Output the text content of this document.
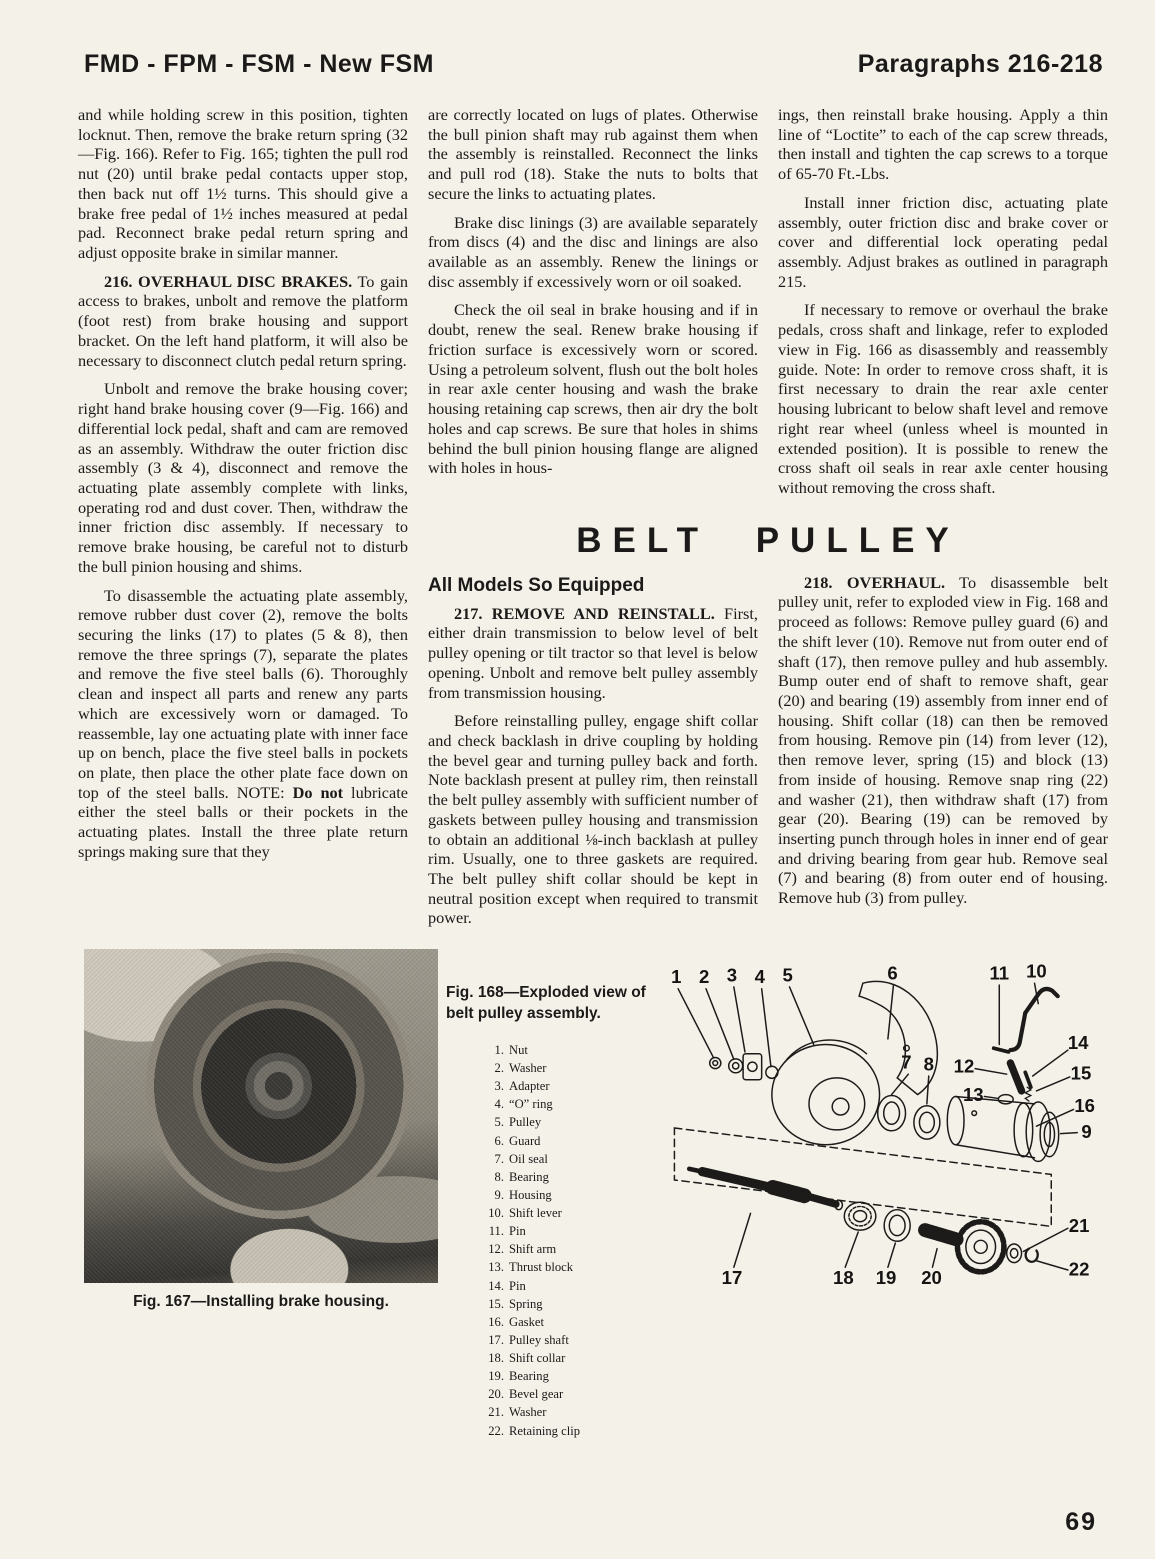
FMD - FPM - FSM - New FSM	Paragraphs 216-218

and while holding screw in this position, tighten locknut. Then, remove the brake return spring (32—Fig. 166). Refer to Fig. 165; tighten the pull rod nut (20) until brake pedal contacts upper stop, then back nut off 1½ turns. This should give a brake free pedal of 1½ inches measured at pedal pad. Reconnect brake pedal return spring and adjust opposite brake in similar manner.

216. OVERHAUL DISC BRAKES. To gain access to brakes, unbolt and remove the platform (foot rest) from brake housing and support bracket. On the left hand platform, it will also be necessary to disconnect clutch pedal return spring.

Unbolt and remove the brake housing cover; right hand brake housing cover (9—Fig. 166) and differential lock pedal, shaft and cam are removed as an assembly. Withdraw the outer friction disc assembly (3 & 4), disconnect and remove the actuating plate assembly complete with links, operating rod and dust cover. Then, withdraw the inner friction disc assembly. If necessary to remove brake housing, be careful not to disturb the bull pinion housing and shims.

To disassemble the actuating plate assembly, remove rubber dust cover (2), remove the bolts securing the links (17) to plates (5 & 8), then remove the three springs (7), separate the plates and remove the five steel balls (6). Thoroughly clean and inspect all parts and renew any parts which are excessively worn or damaged. To reassemble, lay one actuating plate with inner face up on bench, place the five steel balls in pockets on plate, then place the other plate face down on top of the steel balls. NOTE: Do not lubricate either the steel balls or their pockets in the actuating plates. Install the three plate return springs making sure that they

are correctly located on lugs of plates. Otherwise the bull pinion shaft may rub against them when the assembly is reinstalled. Reconnect the links and pull rod (18). Stake the nuts to bolts that secure the links to actuating plates.

Brake disc linings (3) are available separately from discs (4) and the disc and linings are also available as an assembly. Renew the linings or disc assembly if excessively worn or oil soaked.

Check the oil seal in brake housing and if in doubt, renew the seal. Renew brake housing if friction surface is excessively worn or scored. Using a petroleum solvent, flush out the bolt holes in rear axle center housing and wash the brake housing retaining cap screws, then air dry the bolt holes and cap screws. Be sure that holes in shims behind the bull pinion housing flange are aligned with holes in hous-

ings, then reinstall brake housing. Apply a thin line of “Loctite” to each of the cap screw threads, then install and tighten the cap screws to a torque of 65-70 Ft.-Lbs.

Install inner friction disc, actuating plate assembly, outer friction disc and brake cover or cover and differential lock operating pedal assembly. Adjust brakes as outlined in paragraph 215.

If necessary to remove or overhaul the brake pedals, cross shaft and linkage, refer to exploded view in Fig. 166 as disassembly and reassembly guide. Note: In order to remove cross shaft, it is first necessary to drain the rear axle center housing lubricant to below shaft level and remove right rear wheel (unless wheel is mounted in extended position). It is possible to renew the cross shaft oil seals in rear axle center housing without removing the cross shaft.

BELT PULLEY
All Models So Equipped

217. REMOVE AND REINSTALL. First, either drain transmission to below level of belt pulley opening or tilt tractor so that level is below opening. Unbolt and remove belt pulley assembly from transmission housing.

Before reinstalling pulley, engage shift collar and check backlash in drive coupling by holding the bevel gear and turning pulley back and forth. Note backlash present at pulley rim, then reinstall the belt pulley assembly with sufficient number of gaskets between pulley housing and transmission to obtain an additional ⅛-inch backlash at pulley rim. Usually, one to three gaskets are required. The belt pulley shift collar should be kept in neutral position except when required to transmit power.

218. OVERHAUL. To disassemble belt pulley unit, refer to exploded view in Fig. 168 and proceed as follows: Remove pulley guard (6) and the shift lever (10). Remove nut from outer end of shaft (17), then remove pulley and hub assembly. Bump outer end of shaft to remove shaft, gear (20) and bearing (19) assembly from inner end of housing. Shift collar (18) can then be removed from housing. Remove pin (14) from lever (12), then remove lever, spring (15) and block (13) from inside of housing. Remove snap ring (22) and washer (21), then withdraw shaft (17) from gear (20). Bearing (19) can be removed by inserting punch through holes in inner end of gear and driving bearing from gear hub. Remove seal (7) and bearing (8) from outer end of housing. Remove hub (3) from pulley.

Fig. 167—Installing brake housing.
Fig. 168—Exploded view of belt pulley assembly.
1. Nut
2. Washer
3. Adapter
4. “O” ring
5. Pulley
6. Guard
7. Oil seal
8. Bearing
9. Housing
10. Shift lever
11. Pin
12. Shift arm
13. Thrust block
14. Pin
15. Spring
16. Gasket
17. Pulley shaft
18. Shift collar
19. Bearing
20. Bevel gear
21. Washer
22. Retaining clip
1 2 3 4 5	6
7 8
9
10
11
12
13
14
15
16
17	18 19 20
21
22
69
